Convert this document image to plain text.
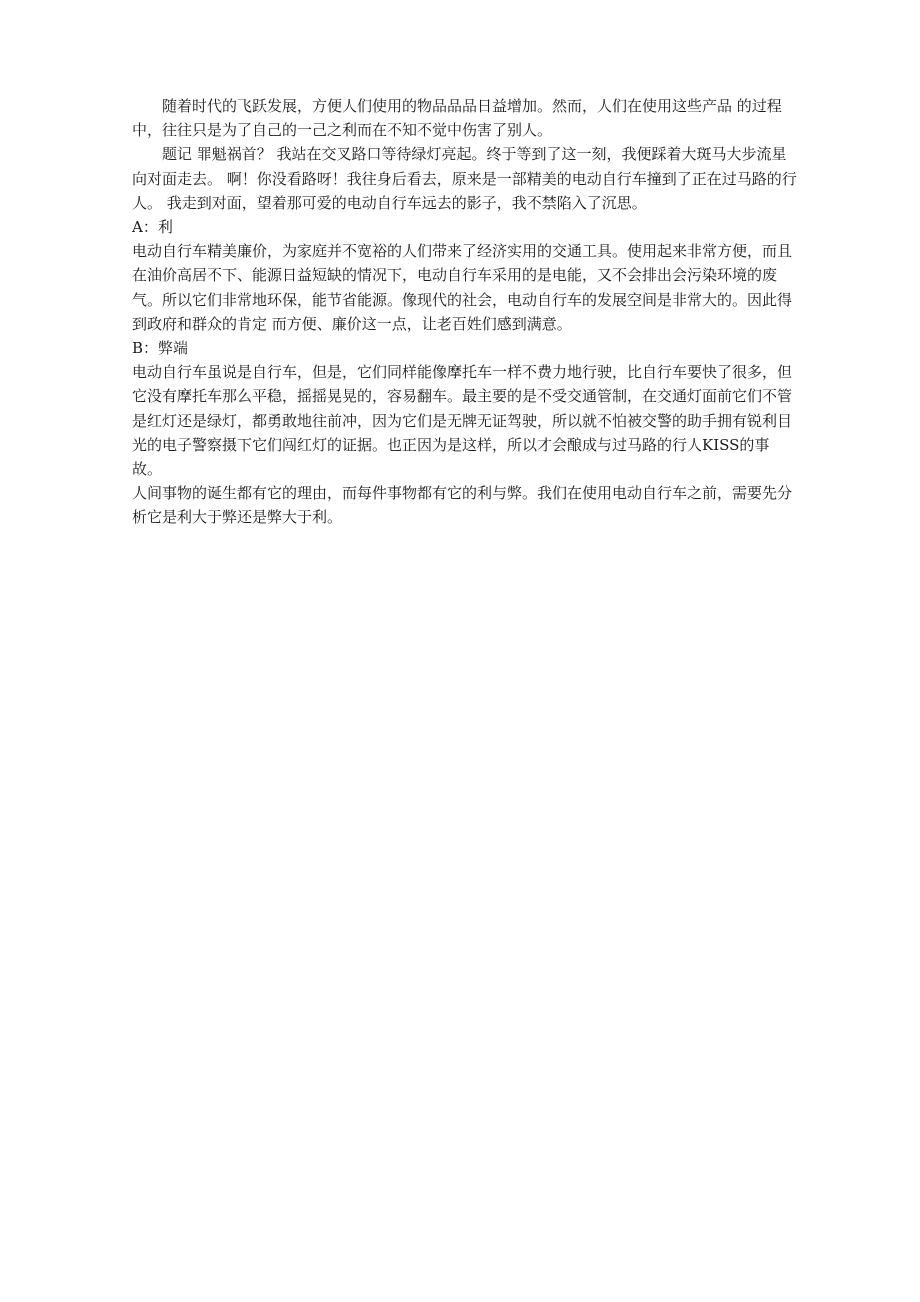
随着时代的飞跃发展，方便人们使用的物品品品日益增加。然而，人们在使用这些产品 的过程中，往往只是为了自己的一己之利而在不知不觉中伤害了别人。

题记 罪魁祸首？ 我站在交叉路口等待绿灯亮起。终于等到了这一刻，我便踩着大斑马大步流星向对面走去。 啊！你没看路呀！我往身后看去，原来是一部精美的电动自行车撞到了正在过马路的行人。 我走到对面，望着那可爱的电动自行车远去的影子，我不禁陷入了沉思。

A：利

电动自行车精美廉价，为家庭并不宽裕的人们带来了经济实用的交通工具。使用起来非常方便，而且在油价高居不下、能源日益短缺的情况下，电动自行车采用的是电能，又不会排出会污染环境的废气。所以它们非常地环保，能节省能源。像现代的社会，电动自行车的发展空间是非常大的。因此得到政府和群众的肯定 而方便、廉价这一点，让老百姓们感到满意。

B：弊端

电动自行车虽说是自行车，但是，它们同样能像摩托车一样不费力地行驶，比自行车要快了很多，但它没有摩托车那么平稳，摇摇晃晃的，容易翻车。最主要的是不受交通管制，在交通灯面前它们不管是红灯还是绿灯，都勇敢地往前冲，因为它们是无牌无证驾驶，所以就不怕被交警的助手拥有锐利目光的电子警察摄下它们闯红灯的证据。也正因为是这样，所以才会酿成与过马路的行人KISS的事故。

人间事物的诞生都有它的理由，而每件事物都有它的利与弊。我们在使用电动自行车之前，需要先分析它是利大于弊还是弊大于利。
